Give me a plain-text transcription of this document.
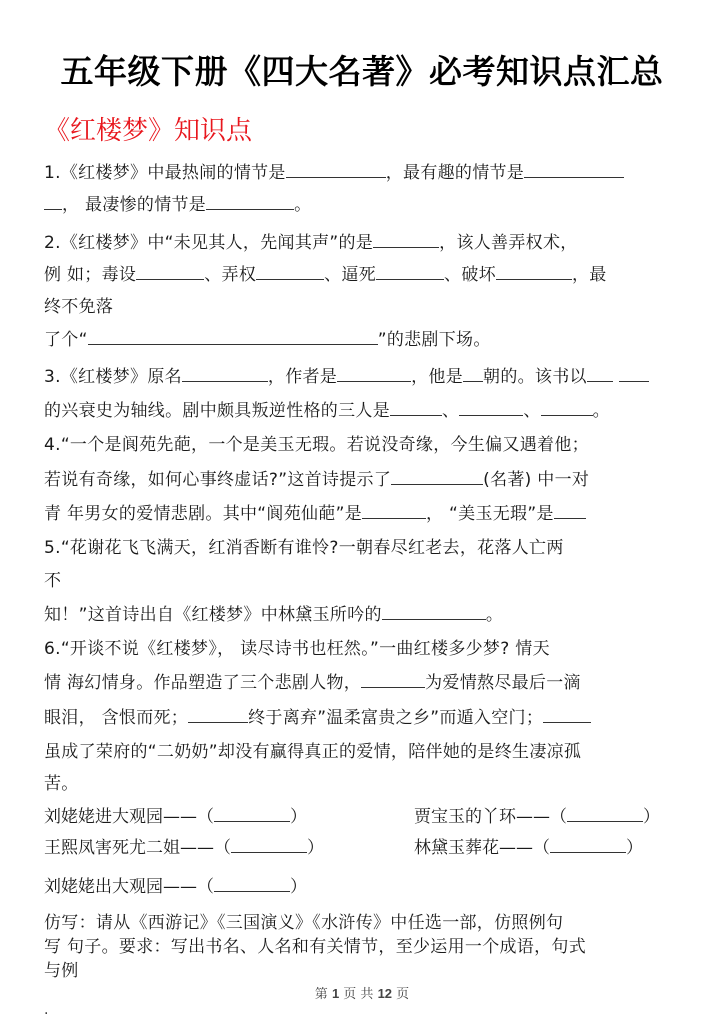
五年级下册《四大名著》必考知识点汇总
《红楼梦》知识点
1.《红楼梦》中最热闹的情节是	，最有趣的情节是
， 最凄惨的情节是	。
2.《红楼梦》中“未见其人，先闻其声”的是	，该人善弄权术，
例 如；毒设	、弄权	、逼死	、破坏	，最
终不免落
了个“	”的悲剧下场。
3.《红楼梦》原名	，作者是	，他是 朝的。该书以
的兴衰史为轴线。剧中颇具叛逆性格的三人是	、	、	。
4.“一个是阆苑先葩，一个是美玉无瑕。若说没奇缘，今生偏又遇着他；
若说有奇缘，如何心事终虚话?”这首诗提示了	(名著) 中一对
青 年男女的爱情悲剧。其中“阆苑仙葩”是	， “美玉无瑕”是
5.“花谢花飞飞满天，红消香断有谁怜?一朝春尽红老去，花落人亡两
不
知！”这首诗出自《红楼梦》中林黛玉所吟的	。
6.“开谈不说《红楼梦》， 读尽诗书也枉然。”一曲红楼多少梦? 情天
情 海幻情身。作品塑造了三个悲剧人物，	为爱情熬尽最后一滴
眼泪， 含恨而死；	终于离弃”温柔富贵之乡”而遁入空门；
虽成了荣府的“二奶奶”却没有赢得真正的爱情，陪伴她的是终生凄凉孤
苦。
刘姥姥进大观园——（	）	贾宝玉的丫环——（	）
王熙凤害死尤二姐——（	）	林黛玉葬花——（	）
刘姥姥出大观园——（	）
仿写：请从《西游记》《三国演义》《水浒传》中任选一部，仿照例句
写 句子。要求：写出书名、人名和有关情节，至少运用一个成语，句式
与例
第 1 页 共 12 页
.
